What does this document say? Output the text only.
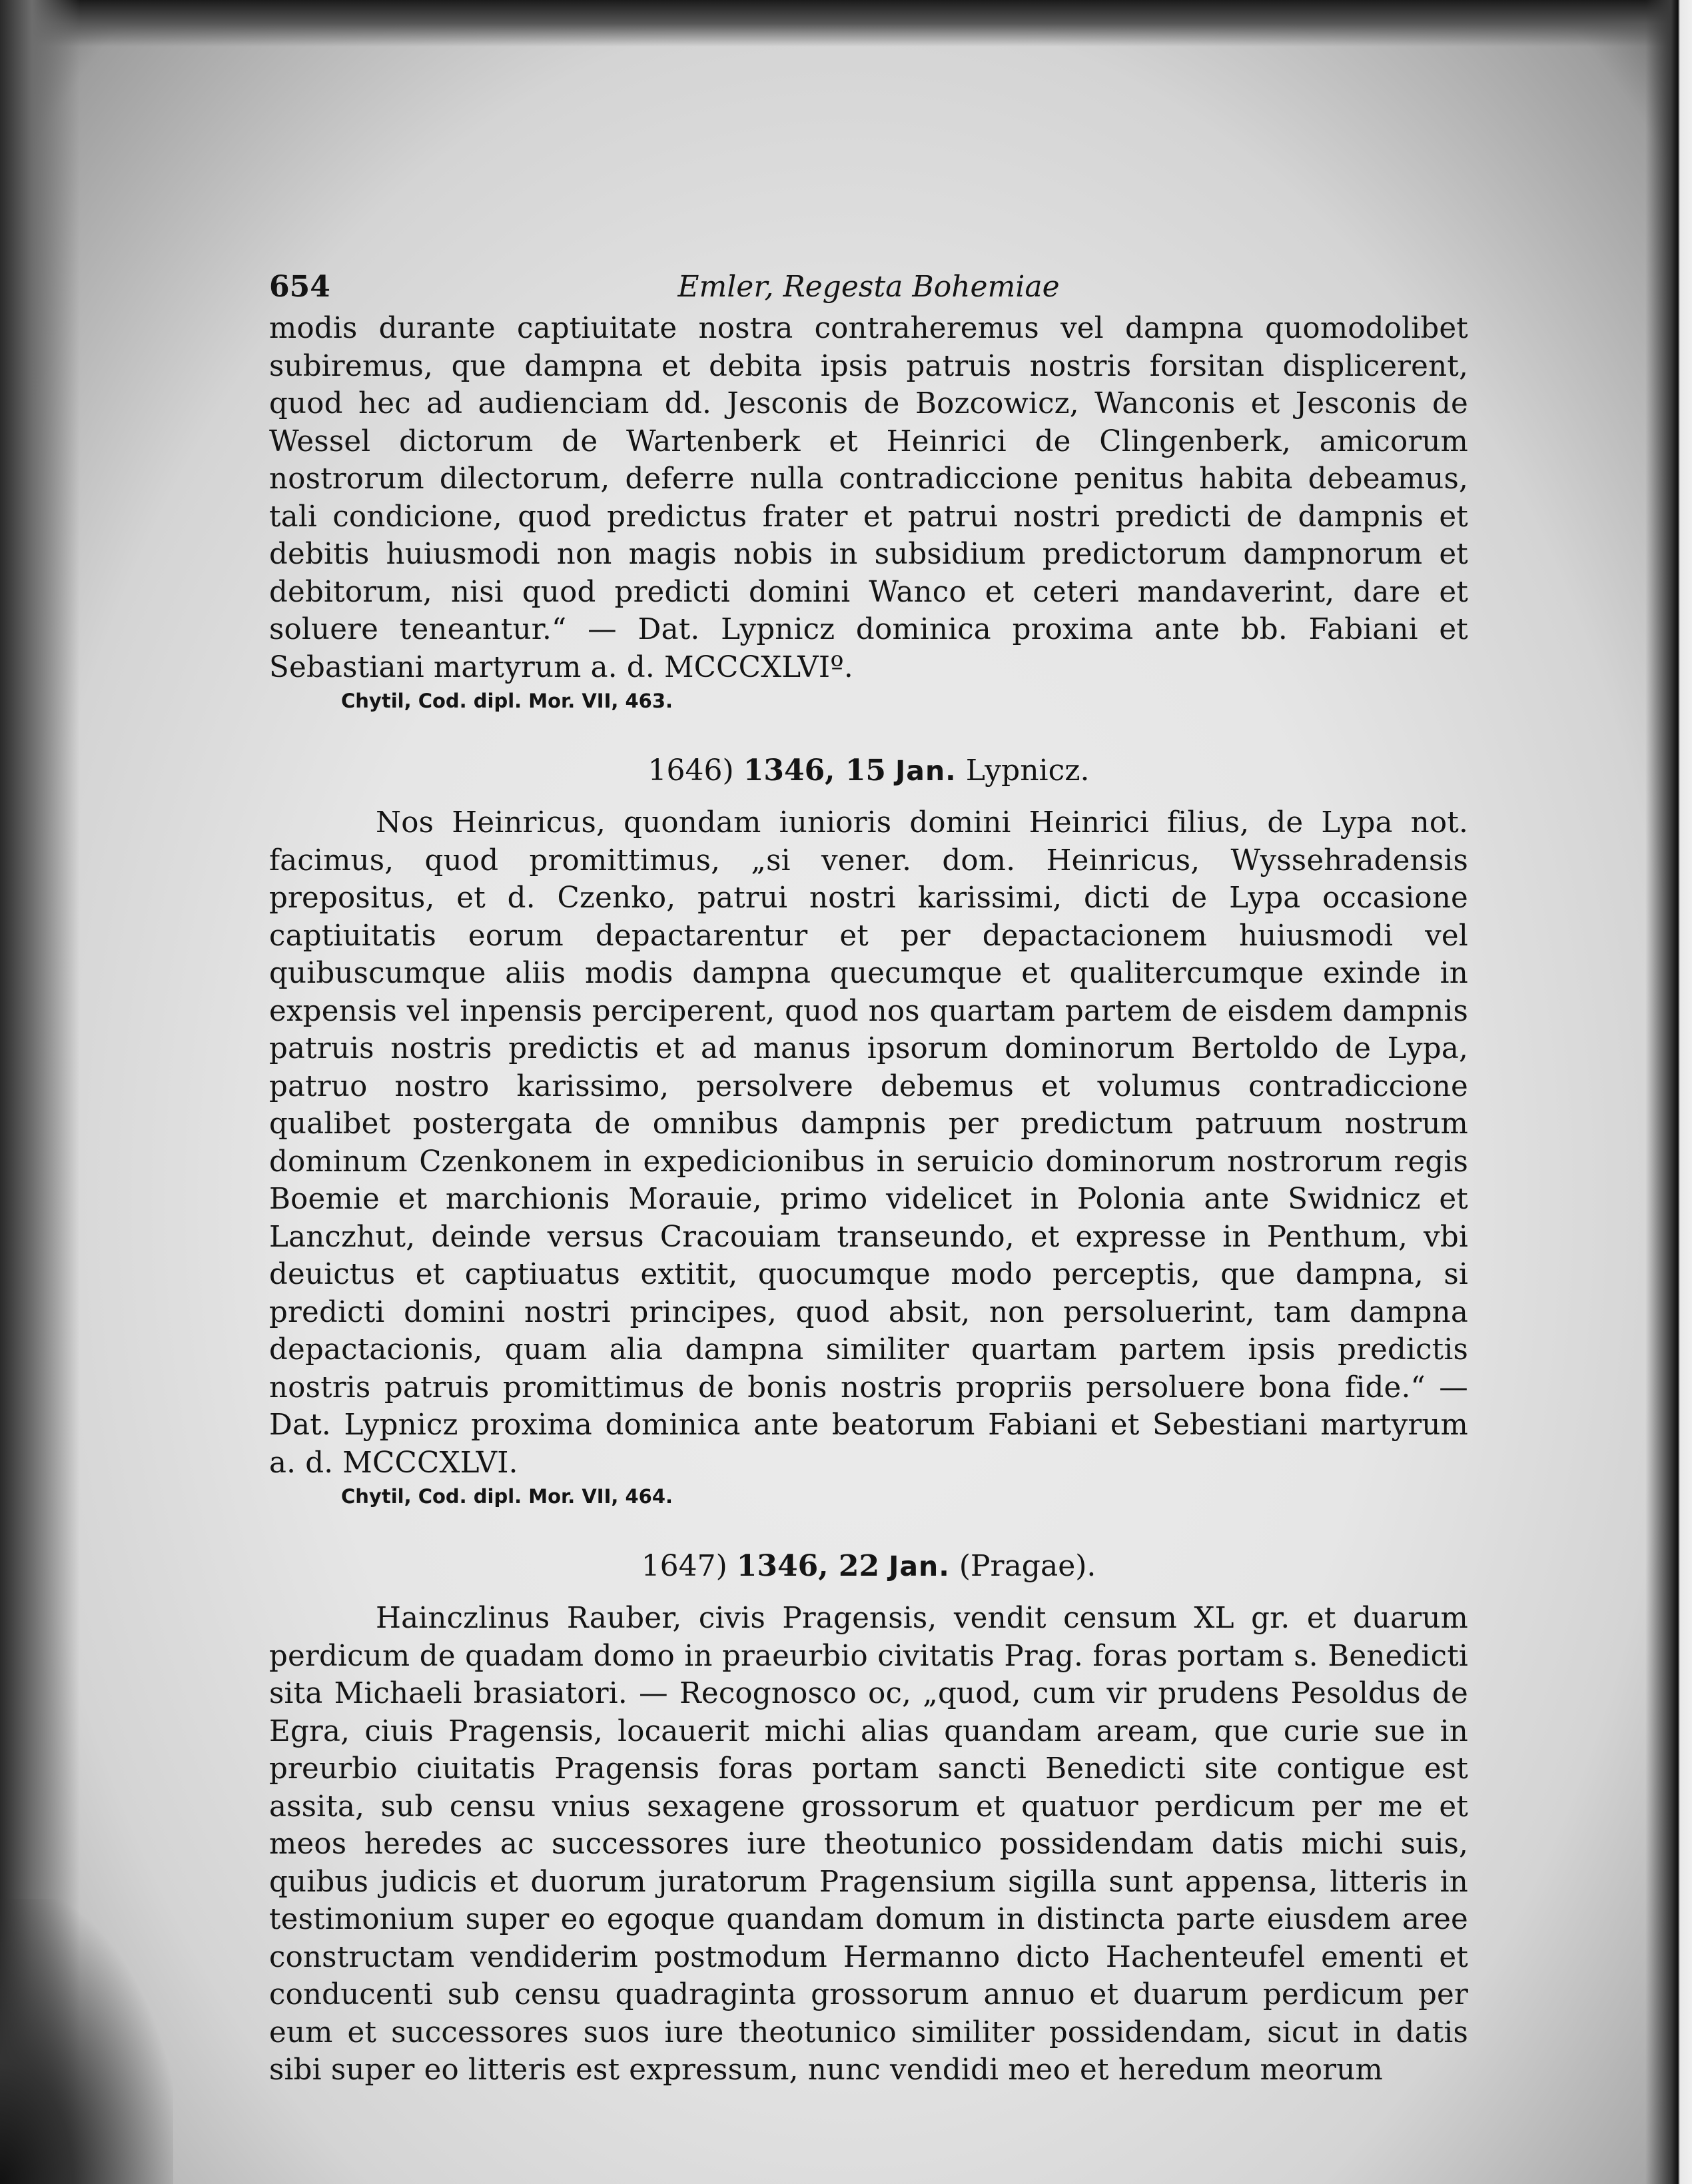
654	Emler, Regesta Bohemiae

modis durante captiuitate nostra contraheremus vel dampna quomodolibet subiremus, que dampna et debita ipsis patruis nostris forsitan displicerent, quod hec ad audienciam dd. Jesconis de Bozcowicz, Wanconis et Jesconis de Wessel dictorum de Wartenberk et Heinrici de Clingenberk, amicorum nostrorum dilectorum, deferre nulla contradiccione penitus habita debeamus, tali condicione, quod predictus frater et patrui nostri predicti de dampnis et debitis huiusmodi non magis nobis in subsidium predictorum dampnorum et debitorum, nisi quod predicti domini Wanco et ceteri mandaverint, dare et soluere teneantur.“ — Dat. Lypnicz dominica proxima ante bb. Fabiani et Sebastiani martyrum a. d. MCCCXLVIº.

Chytil, Cod. dipl. Mor. VII, 463.
1646) 1346, 15 Jan. Lypnicz.

Nos Heinricus, quondam iunioris domini Heinrici filius, de Lypa not. facimus, quod promittimus, „si vener. dom. Heinricus, Wyssehradensis prepositus, et d. Czenko, patrui nostri karissimi, dicti de Lypa occasione captiuitatis eorum depactarentur et per depactacionem huiusmodi vel quibuscumque aliis modis dampna quecumque et qualitercumque exinde in expensis vel inpensis perciperent, quod nos quartam partem de eisdem dampnis patruis nostris predictis et ad manus ipsorum dominorum Bertoldo de Lypa, patruo nostro karissimo, persolvere debemus et volumus contradiccione qualibet postergata de omnibus dampnis per predictum patruum nostrum dominum Czenkonem in expedicionibus in seruicio dominorum nostrorum regis Boemie et marchionis Morauie, primo videlicet in Polonia ante Swidnicz et Lanczhut, deinde versus Cracouiam transeundo, et expresse in Penthum, vbi deuictus et captiuatus extitit, quocumque modo perceptis, que dampna, si predicti domini nostri principes, quod absit, non persoluerint, tam dampna depactacionis, quam alia dampna similiter quartam partem ipsis predictis nostris patruis promittimus de bonis nostris propriis persoluere bona fide.“ — Dat. Lypnicz proxima dominica ante beatorum Fabiani et Sebestiani martyrum a. d. MCCCXLVI.

Chytil, Cod. dipl. Mor. VII, 464.
1647) 1346, 22 Jan. (Pragae).

Hainczlinus Rauber, civis Pragensis, vendit censum XL gr. et duarum perdicum de quadam domo in praeurbio civitatis Prag. foras portam s. Benedicti sita Michaeli brasiatori. — Recognosco oc, „quod, cum vir prudens Pesoldus de Egra, ciuis Pragensis, locauerit michi alias quandam aream, que curie sue in preurbio ciuitatis Pragensis foras portam sancti Benedicti site contigue est assita, sub censu vnius sexagene grossorum et quatuor perdicum per me et meos heredes ac successores iure theotunico possidendam datis michi suis, quibus judicis et duorum juratorum Pragensium sigilla sunt appensa, litteris in testimonium super eo egoque quandam domum in distincta parte eiusdem aree constructam vendiderim postmodum Hermanno dicto Hachenteufel ementi et conducenti sub censu quadraginta grossorum annuo et duarum perdicum per eum et successores suos iure theotunico similiter possidendam, sicut in datis sibi super eo litteris est expressum, nunc vendidi meo et heredum meorum
